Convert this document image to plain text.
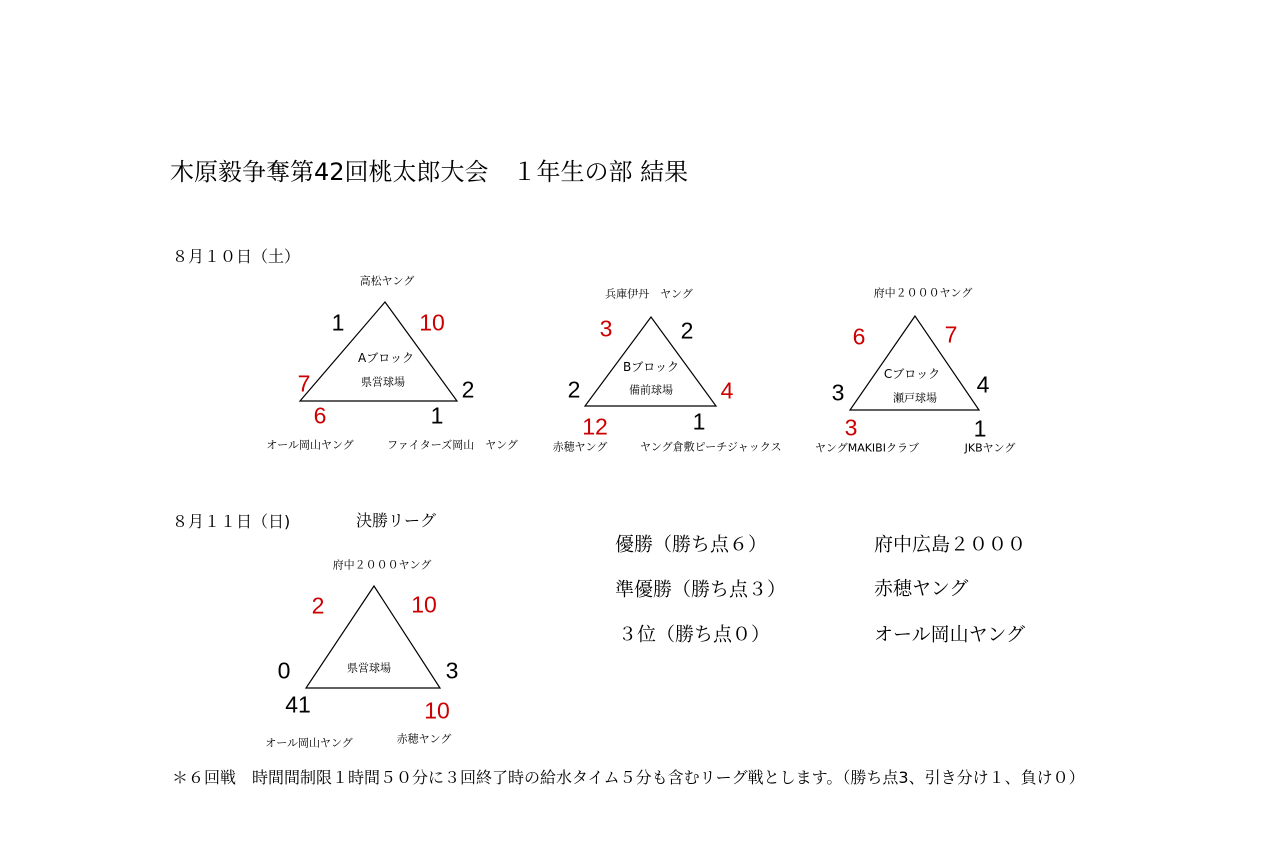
木原毅争奪第42回桃太郎大会　１年生の部 結果
８月１０日（土）
高松ヤング
Aブロック
県営球場
オール岡山ヤング	ファイターズ岡山　ヤング
1	10
7	2
6	1
兵庫伊丹　ヤング
Bブロック
備前球場
赤穂ヤング	ヤング倉敷ピーチジャックス
3	2
2	4
12	1
府中２０００ヤング
Cブロック
瀬戸球場
ヤングMAKIBIクラブ	JKBヤング
6	7
3	4
3	1
８月１１日（日)	決勝リーグ
府中２０００ヤング
県営球場
オール岡山ヤング	赤穂ヤング
2	10
0	3
41	10
優勝（勝ち点６）	府中広島２０００
準優勝（勝ち点３）	赤穂ヤング
３位（勝ち点０）	オール岡山ヤング
＊６回戦　時間間制限１時間５０分に３回終了時の給水タイム５分も含むリーグ戦とします。（勝ち点3、引き分け１、負け０）
